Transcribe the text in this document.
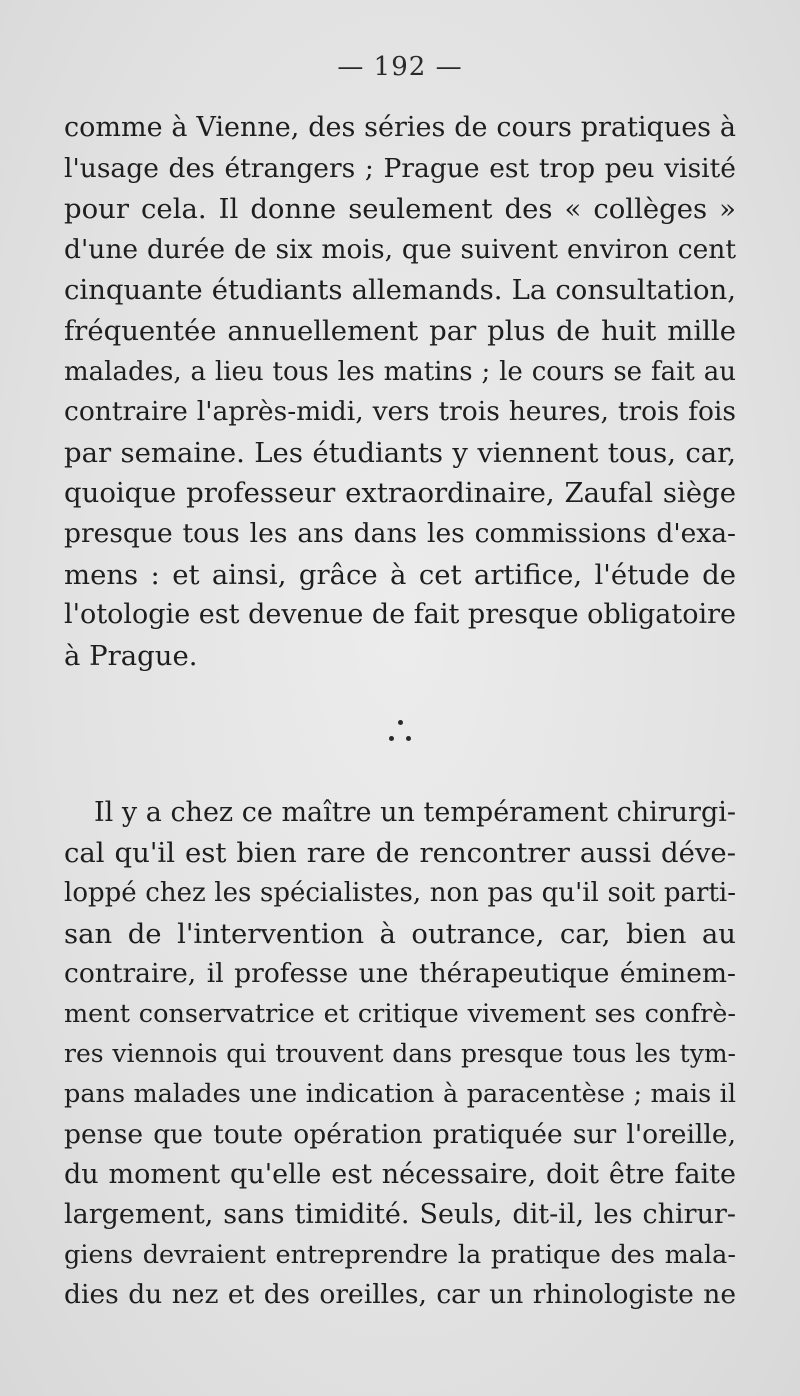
— 192 —
comme à Vienne, des séries de cours pratiques à
l'usage des étrangers ; Prague est trop peu visité
pour cela. Il donne seulement des « collèges »
d'une durée de six mois, que suivent environ cent
cinquante étudiants allemands. La consultation,
fréquentée annuellement par plus de huit mille
malades, a lieu tous les matins ; le cours se fait au
contraire l'après-midi, vers trois heures, trois fois
par semaine. Les étudiants y viennent tous, car,
quoique professeur extraordinaire, Zaufal siège
presque tous les ans dans les commissions d'exa-
mens : et ainsi, grâce à cet artifice, l'étude de
l'otologie est devenue de fait presque obligatoire
à Prague.
Il y a chez ce maître un tempérament chirurgi-
cal qu'il est bien rare de rencontrer aussi déve-
loppé chez les spécialistes, non pas qu'il soit parti-
san de l'intervention à outrance, car, bien au
contraire, il professe une thérapeutique éminem-
ment conservatrice et critique vivement ses confrè-
res viennois qui trouvent dans presque tous les tym-
pans malades une indication à paracentèse ; mais il
pense que toute opération pratiquée sur l'oreille,
du moment qu'elle est nécessaire, doit être faite
largement, sans timidité. Seuls, dit-il, les chirur-
giens devraient entreprendre la pratique des mala-
dies du nez et des oreilles, car un rhinologiste ne
